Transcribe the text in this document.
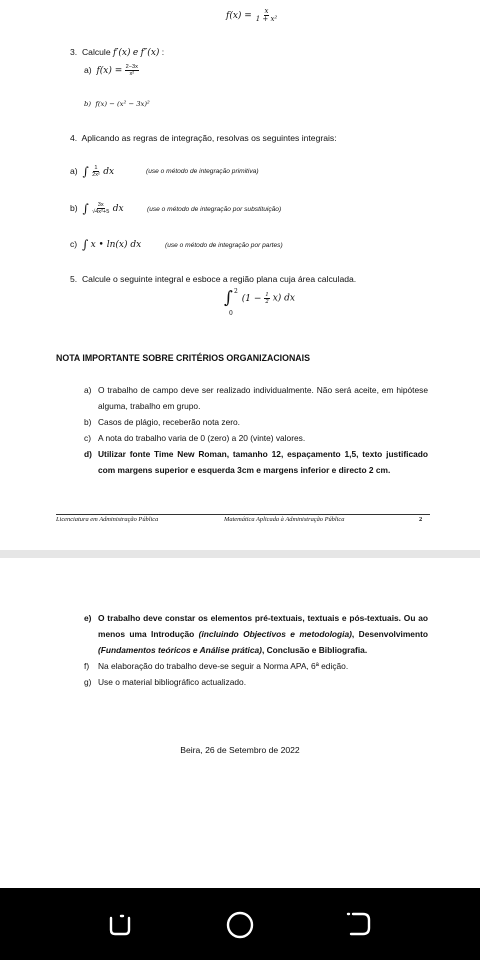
$f(x) = \frac{x}{\text{1 + x²}}$
3. Calcule f′(x) e f″(x) :
a) $f(x) = \frac{2-3x}{\text{x²}}$
b) f(x) − (x² − 3x)²
4. Aplicando as regras de integração, resolvas os seguintes integrais:
a) ∫ $\frac{1}{\text{2x²}}$ dx	(use o método de integração primitiva)
b) ∫ $\frac{3x}{\text{√4x²+5}}$ dx	(use o método de integração por substituição)
c) ∫ x • ln(x) dx	(use o método de integração por partes)
5. Calcule o seguinte integral e esboce a região plana cuja área calculada.
∫ 2
0
$(1 - \frac{1}{2} x)$ dx
NOTA IMPORTANTE SOBRE CRITÉRIOS ORGANIZACIONAIS
a) O trabalho de campo deve ser realizado individualmente. Não será aceite, em hipótese alguma, trabalho em grupo.
b) Casos de plágio, receberão nota zero.
c) A nota do trabalho varia de 0 (zero) a 20 (vinte) valores.
d) Utilizar fonte Time New Roman, tamanho 12, espaçamento 1,5, texto justificado com margens superior e esquerda 3cm e margens inferior e directo 2 cm.
Licenciatura em Administração Pública	Matemática Aplicada à Administração Pública	2
e) O trabalho deve constar os elementos pré-textuais, textuais e pós-textuais. Ou ao menos uma Introdução (incluindo Objectivos e metodologia), Desenvolvimento (Fundamentos teóricos e Análise prática), Conclusão e Bibliografia.
f)	Na elaboração do trabalho deve-se seguir a Norma APA, 6ª edição.
g) Use o material bibliográfico actualizado.
Beira, 26 de Setembro de 2022
